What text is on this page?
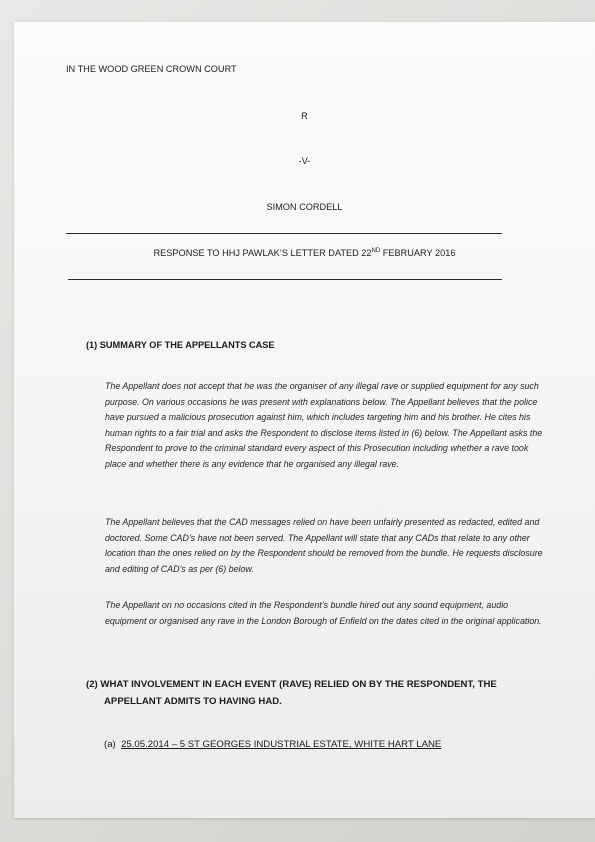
IN THE WOOD GREEN CROWN COURT
R
-V-
SIMON CORDELL
RESPONSE TO HHJ PAWLAK’S LETTER DATED 22ND FEBRUARY 2016
(1) SUMMARY OF THE APPELLANTS CASE
The Appellant does not accept that he was the organiser of any illegal rave or supplied equipment for any such purpose. On various occasions he was present with explanations below. The Appellant believes that the police have pursued a malicious prosecution against him, which includes targeting him and his brother. He cites his human rights to a fair trial and asks the Respondent to disclose items listed in (6) below. The Appellant asks the Respondent to prove to the criminal standard every aspect of this Prosecution including whether a rave took place and whether there is any evidence that he organised any illegal rave.
The Appellant believes that the CAD messages relied on have been unfairly presented as redacted, edited and doctored. Some CAD’s have not been served. The Appellant will state that any CADs that relate to any other location than the ones relied on by the Respondent should be removed from the bundle. He requests disclosure and editing of CAD’s as per (6) below.
The Appellant on no occasions cited in the Respondent’s bundle hired out any sound equipment, audio equipment or organised any rave in the London Borough of Enfield on the dates cited in the original application.
(2) WHAT INVOLVEMENT IN EACH EVENT (RAVE) RELIED ON BY THE RESPONDENT, THE
APPELLANT ADMITS TO HAVING HAD.
(a) 25.05.2014 – 5 ST GEORGES INDUSTRIAL ESTATE, WHITE HART LANE
